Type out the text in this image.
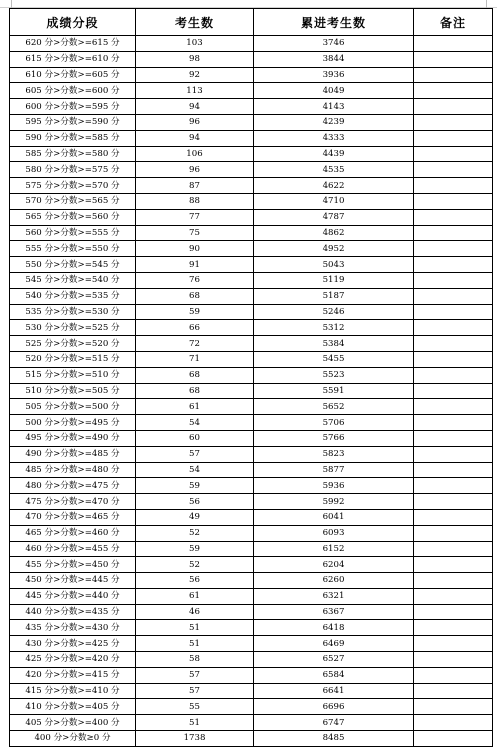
成绩分段	考生数	累进考生数	备注
620 分>分数>=615 分	103	3746	
615 分>分数>=610 分	98	3844	
610 分>分数>=605 分	92	3936	
605 分>分数>=600 分	113	4049	
600 分>分数>=595 分	94	4143	
595 分>分数>=590 分	96	4239	
590 分>分数>=585 分	94	4333	
585 分>分数>=580 分	106	4439	
580 分>分数>=575 分	96	4535	
575 分>分数>=570 分	87	4622	
570 分>分数>=565 分	88	4710	
565 分>分数>=560 分	77	4787	
560 分>分数>=555 分	75	4862	
555 分>分数>=550 分	90	4952	
550 分>分数>=545 分	91	5043	
545 分>分数>=540 分	76	5119	
540 分>分数>=535 分	68	5187	
535 分>分数>=530 分	59	5246	
530 分>分数>=525 分	66	5312	
525 分>分数>=520 分	72	5384	
520 分>分数>=515 分	71	5455	
515 分>分数>=510 分	68	5523	
510 分>分数>=505 分	68	5591	
505 分>分数>=500 分	61	5652	
500 分>分数>=495 分	54	5706	
495 分>分数>=490 分	60	5766	
490 分>分数>=485 分	57	5823	
485 分>分数>=480 分	54	5877	
480 分>分数>=475 分	59	5936	
475 分>分数>=470 分	56	5992	
470 分>分数>=465 分	49	6041	
465 分>分数>=460 分	52	6093	
460 分>分数>=455 分	59	6152	
455 分>分数>=450 分	52	6204	
450 分>分数>=445 分	56	6260	
445 分>分数>=440 分	61	6321	
440 分>分数>=435 分	46	6367	
435 分>分数>=430 分	51	6418	
430 分>分数>=425 分	51	6469	
425 分>分数>=420 分	58	6527	
420 分>分数>=415 分	57	6584	
415 分>分数>=410 分	57	6641	
410 分>分数>=405 分	55	6696	
405 分>分数>=400 分	51	6747	
400 分>分数≥0 分	1738	8485	
